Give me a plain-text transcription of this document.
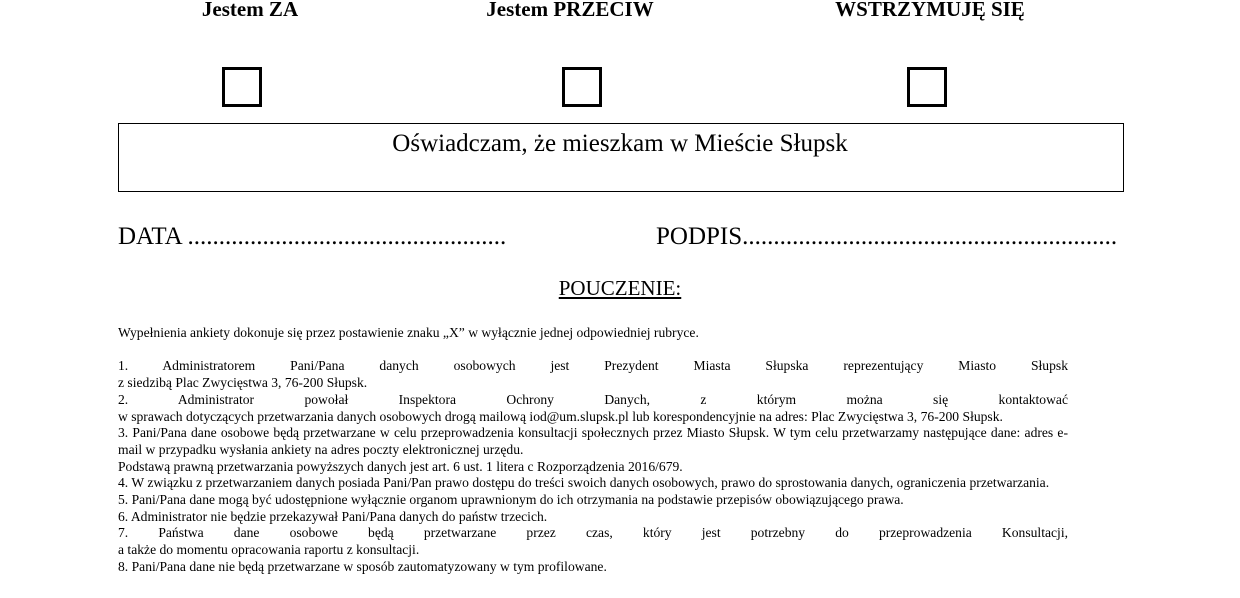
Jestem ZA	Jestem PRZECIW	WSTRZYMUJĘ SIĘ
Oświadczam, że mieszkam w Mieście Słupsk
DATA ...................................................	PODPIS............................................................
POUCZENIE:

Wypełnienia ankiety dokonuje się przez postawienie znaku „X” w wyłącznie jednej odpowiedniej rubryce.

1. Administratorem Pani/Pana danych osobowych jest Prezydent Miasta Słupska reprezentujący Miasto Słupsk

z siedzibą Plac Zwycięstwa 3, 76-200 Słupsk.

2. Administrator powołał Inspektora Ochrony Danych, z którym można się kontaktować

w sprawach dotyczących przetwarzania danych osobowych drogą mailową iod@um.slupsk.pl lub korespondencyjnie na adres: Plac Zwycięstwa 3, 76-200 Słupsk.

3. Pani/Pana dane osobowe będą przetwarzane w celu przeprowadzenia konsultacji społecznych przez Miasto Słupsk. W tym celu przetwarzamy następujące dane: adres e-mail w przypadku wysłania ankiety na adres poczty elektronicznej urzędu.

Podstawą prawną przetwarzania powyższych danych jest art. 6 ust. 1 litera c Rozporządzenia 2016/679.

4. W związku z przetwarzaniem danych posiada Pani/Pan prawo dostępu do treści swoich danych osobowych, prawo do sprostowania danych, ograniczenia przetwarzania.

5. Pani/Pana dane mogą być udostępnione wyłącznie organom uprawnionym do ich otrzymania na podstawie przepisów obowiązującego prawa.

6. Administrator nie będzie przekazywał Pani/Pana danych do państw trzecich.

7. Państwa dane osobowe będą przetwarzane przez czas, który jest potrzebny do przeprowadzenia Konsultacji,

a także do momentu opracowania raportu z konsultacji.

8. Pani/Pana dane nie będą przetwarzane w sposób zautomatyzowany w tym profilowane.
